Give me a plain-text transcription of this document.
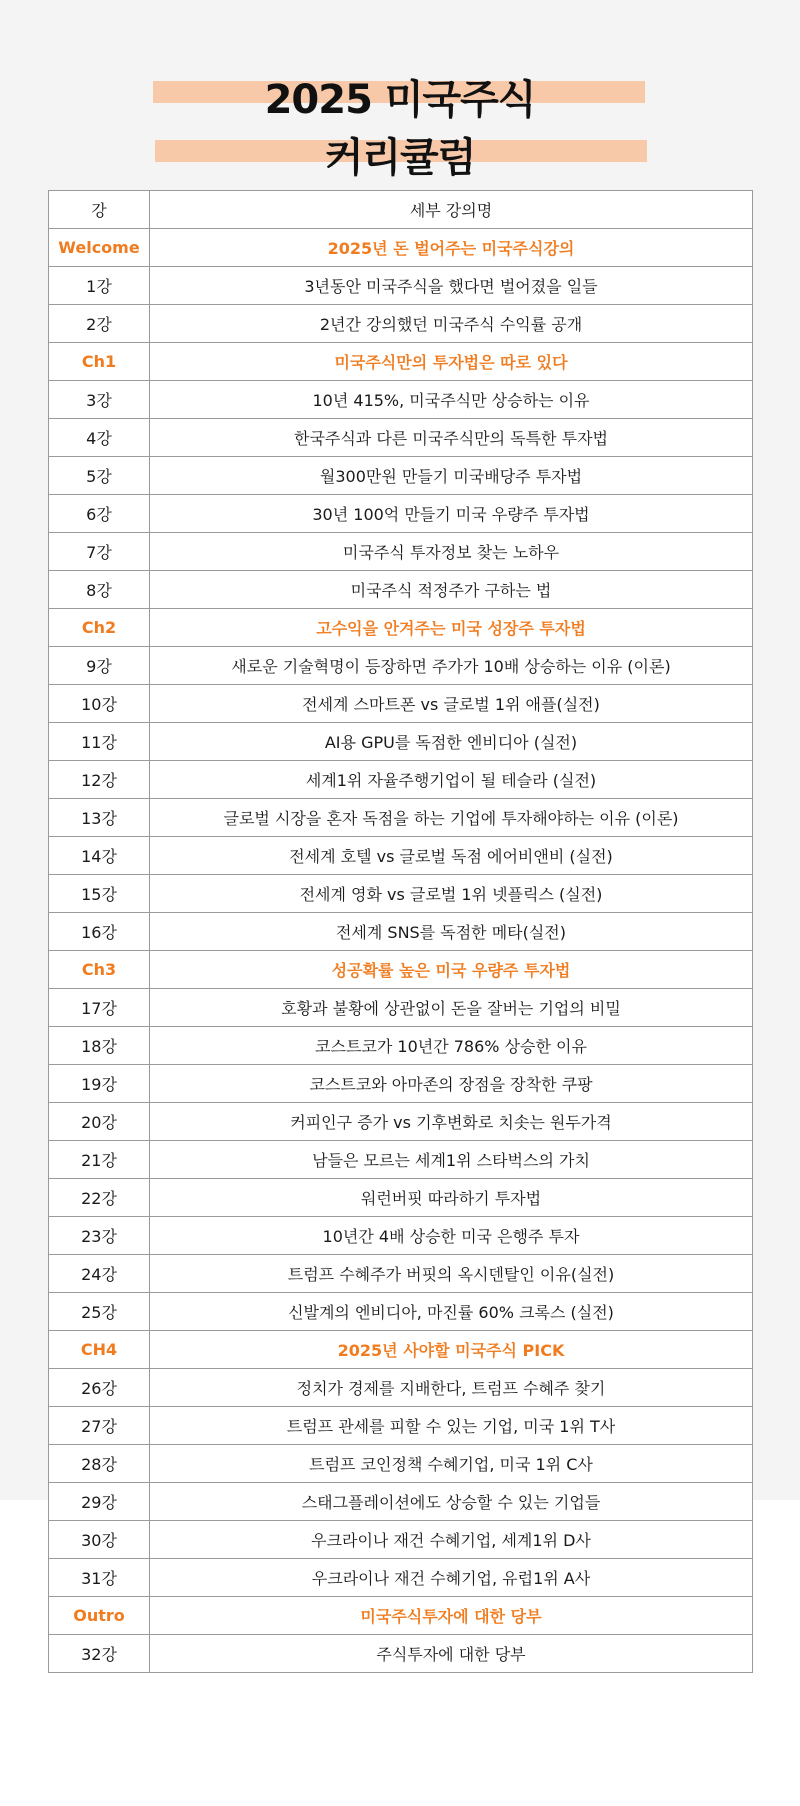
2025 미국주식
커리큘럼
강	세부 강의명
Welcome	2025년 돈 벌어주는 미국주식강의
1강	3년동안 미국주식을 했다면 벌어졌을 일들
2강	2년간 강의했던 미국주식 수익률 공개
Ch1	미국주식만의 투자법은 따로 있다
3강	10년 415%, 미국주식만 상승하는 이유
4강	한국주식과 다른 미국주식만의 독특한 투자법
5강	월300만원 만들기 미국배당주 투자법
6강	30년 100억 만들기 미국 우량주 투자법
7강	미국주식 투자정보 찾는 노하우
8강	미국주식 적정주가 구하는 법
Ch2	고수익을 안겨주는 미국 성장주 투자법
9강	새로운 기술혁명이 등장하면 주가가 10배 상승하는 이유 (이론)
10강	전세계 스마트폰 vs 글로벌 1위 애플(실전)
11강	AI용 GPU를 독점한 엔비디아 (실전)
12강	세계1위 자율주행기업이 될 테슬라 (실전)
13강	글로벌 시장을 혼자 독점을 하는 기업에 투자해야하는 이유 (이론)
14강	전세계 호텔 vs 글로벌 독점 에어비앤비 (실전)
15강	전세계 영화 vs 글로벌 1위 넷플릭스 (실전)
16강	전세계 SNS를 독점한 메타(실전)
Ch3	성공확률 높은 미국 우량주 투자법
17강	호황과 불황에 상관없이 돈을 잘버는 기업의 비밀
18강	코스트코가 10년간 786% 상승한 이유
19강	코스트코와 아마존의 장점을 장착한 쿠팡
20강	커피인구 증가 vs 기후변화로 치솟는 원두가격
21강	남들은 모르는 세계1위 스타벅스의 가치
22강	워런버핏 따라하기 투자법
23강	10년간 4배 상승한 미국 은행주 투자
24강	트럼프 수혜주가 버핏의 옥시덴탈인 이유(실전)
25강	신발계의 엔비디아, 마진률 60% 크록스 (실전)
CH4	2025년 사야할 미국주식 PICK
26강	정치가 경제를 지배한다, 트럼프 수혜주 찾기
27강	트럼프 관세를 피할 수 있는 기업, 미국 1위 T사
28강	트럼프 코인정책 수혜기업, 미국 1위 C사
29강	스태그플레이션에도 상승할 수 있는 기업들
30강	우크라이나 재건 수혜기업, 세계1위 D사
31강	우크라이나 재건 수혜기업, 유럽1위 A사
Outro	미국주식투자에 대한 당부
32강	주식투자에 대한 당부
